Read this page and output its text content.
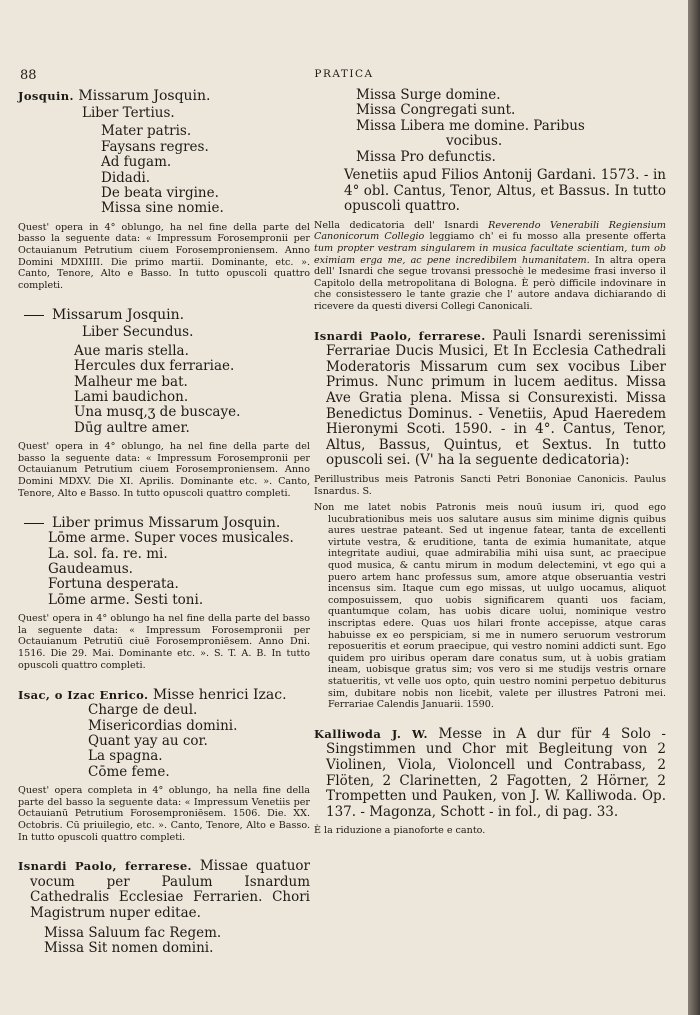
88	PRATICA

Josquin. Missarum Josquin.

Liber Tertius.
Mater patris.
Faysans regres.
Ad fugam.
Didadi.
De beata virgine.
Missa sine nomie.

Quest' opera in 4° oblungo, ha nel fine della parte del basso la seguente data: « Impressum Forosempronii per Octauianum Petrutium ciuem Forosemproniensem. Anno Domini MDXIIII. Die primo martii. Dominante, etc. ». Canto, Tenore, Alto e Basso. In tutto opuscoli quattro completi.

Missarum Josquin.

Liber Secundus.
Aue maris stella.
Hercules dux ferrariae.
Malheur me bat.
Lami baudichon.
Una musq,ʒ de buscaye.
Dūg aultre amer.

Quest' opera in 4° oblungo, ha nel fine della parte del basso la seguente data: « Impressum Forosempronii per Octauianum Petrutium ciuem Forosemproniensem. Anno Domini MDXV. Die XI. Aprilis. Dominante etc. ». Canto, Tenore, Alto e Basso. In tutto opuscoli quattro completi.

Liber primus Missarum Josquin.

Lōme arme. Super voces musicales.
La. sol. fa. re. mi.
Gaudeamus.
Fortuna desperata.
Lōme arme. Sesti toni.

Quest' opera in 4° oblungo ha nel fine della parte del basso la seguente data: « Impressum Forosempronii per Octauianum Petrutiū ciuē Forosemproniēsem. Anno Dni. 1516. Die 29. Mai. Dominante etc. ». S. T. A. B. In tutto opuscoli quattro completi.

Isac, o Izac Enrico. Misse henrici Izac.

Charge de deul.
Misericordias domini.
Quant yay au cor.
La spagna.
Cōme feme.

Quest' opera completa in 4° oblungo, ha nella fine della parte del basso la seguente data: « Impressum Venetiis per Octauianū Petrutium Forosemproniēsem. 1506. Die. XX. Octobris. Cū priuilegio, etc. ». Canto, Tenore, Alto e Basso. In tutto opuscoli quattro completi.

Isnardi Paolo, ferrarese. Missae quatuor vocum per Paulum Isnardum Cathedralis Ecclesiae Ferrarien. Chori Magistrum nuper editae.

Missa Saluum fac Regem.
Missa Sit nomen domini.
Missa Surge domine.
Missa Congregati sunt.
Missa Libera me domine. Paribus
vocibus.
Missa Pro defunctis.

Venetiis apud Filios Antonij Gardani. 1573. - in 4° obl. Cantus, Tenor, Altus, et Bassus. In tutto opuscoli quattro.

Nella dedicatoria dell' Isnardi Reverendo Venerabili Regiensium Canonicorum Collegio leggiamo ch' ei fu mosso alla presente offerta tum propter vestram singularem in musica facultate scientiam, tum ob eximiam erga me, ac pene incredibilem humanitatem. In altra opera dell' Isnardi che segue trovansi pressochè le medesime frasi inverso il Capitolo della metropolitana di Bologna. È però difficile indovinare in che consistessero le tante grazie che l' autore andava dichiarando di ricevere da questi diversi Collegi Canonicali.

Isnardi Paolo, ferrarese. Pauli Isnardi serenissimi Ferrariae Ducis Musici, Et In Ecclesia Cathedrali Moderatoris Missarum cum sex vocibus Liber Primus. Nunc primum in lucem aeditus. Missa Ave Gratia plena. Missa si Consurexisti. Missa Benedictus Dominus. - Venetiis, Apud Haeredem Hieronymi Scoti. 1590. - in 4°. Cantus, Tenor, Altus, Bassus, Quintus, et Sextus. In tutto opuscoli sei. (V' ha la seguente dedicatoria):

Perillustribus meis Patronis Sancti Petri Bononiae Canonicis. Paulus Isnardus. S.

Non me latet nobis Patronis meis nouū iusum iri, quod ego lucubrationibus meis uos salutare ausus sim minime dignis quibus aures uestrae pateant. Sed ut ingenue fatear, tanta de excellenti virtute vestra, & eruditione, tanta de eximia humanitate, atque integritate audiui, quae admirabilia mihi uisa sunt, ac praecipue quod musica, & cantu mirum in modum delectemini, vt ego qui a puero artem hanc professus sum, amore atque obseruantia vestri incensus sim. Itaque cum ego missas, ut uulgo uocamus, aliquot composuissem, quo uobis significarem quanti uos faciam, quantumque colam, has uobis dicare uolui, nominique vestro inscriptas edere. Quas uos hilari fronte accepisse, atque caras habuisse ex eo perspiciam, si me in numero seruorum vestrorum reposueritis et eorum praecipue, qui vestro nomini addicti sunt. Ego quidem pro uiribus operam dare conatus sum, ut à uobis gratiam ineam, uobisque gratus sim; vos vero si me studijs vestris ornare statueritis, vt velle uos opto, quin uestro nomini perpetuo debiturus sim, dubitare nobis non licebit, valete per illustres Patroni mei. Ferrariae Calendis Januarii. 1590.

Kalliwoda J. W. Messe in A dur für 4 Solo - Singstimmen und Chor mit Begleitung von 2 Violinen, Viola, Violoncell und Contrabass, 2 Flöten, 2 Clarinetten, 2 Fagotten, 2 Hörner, 2 Trompetten und Pauken, von J. W. Kalliwoda. Op. 137. - Magonza, Schott - in fol., di pag. 33.

È la riduzione a pianoforte e canto.
